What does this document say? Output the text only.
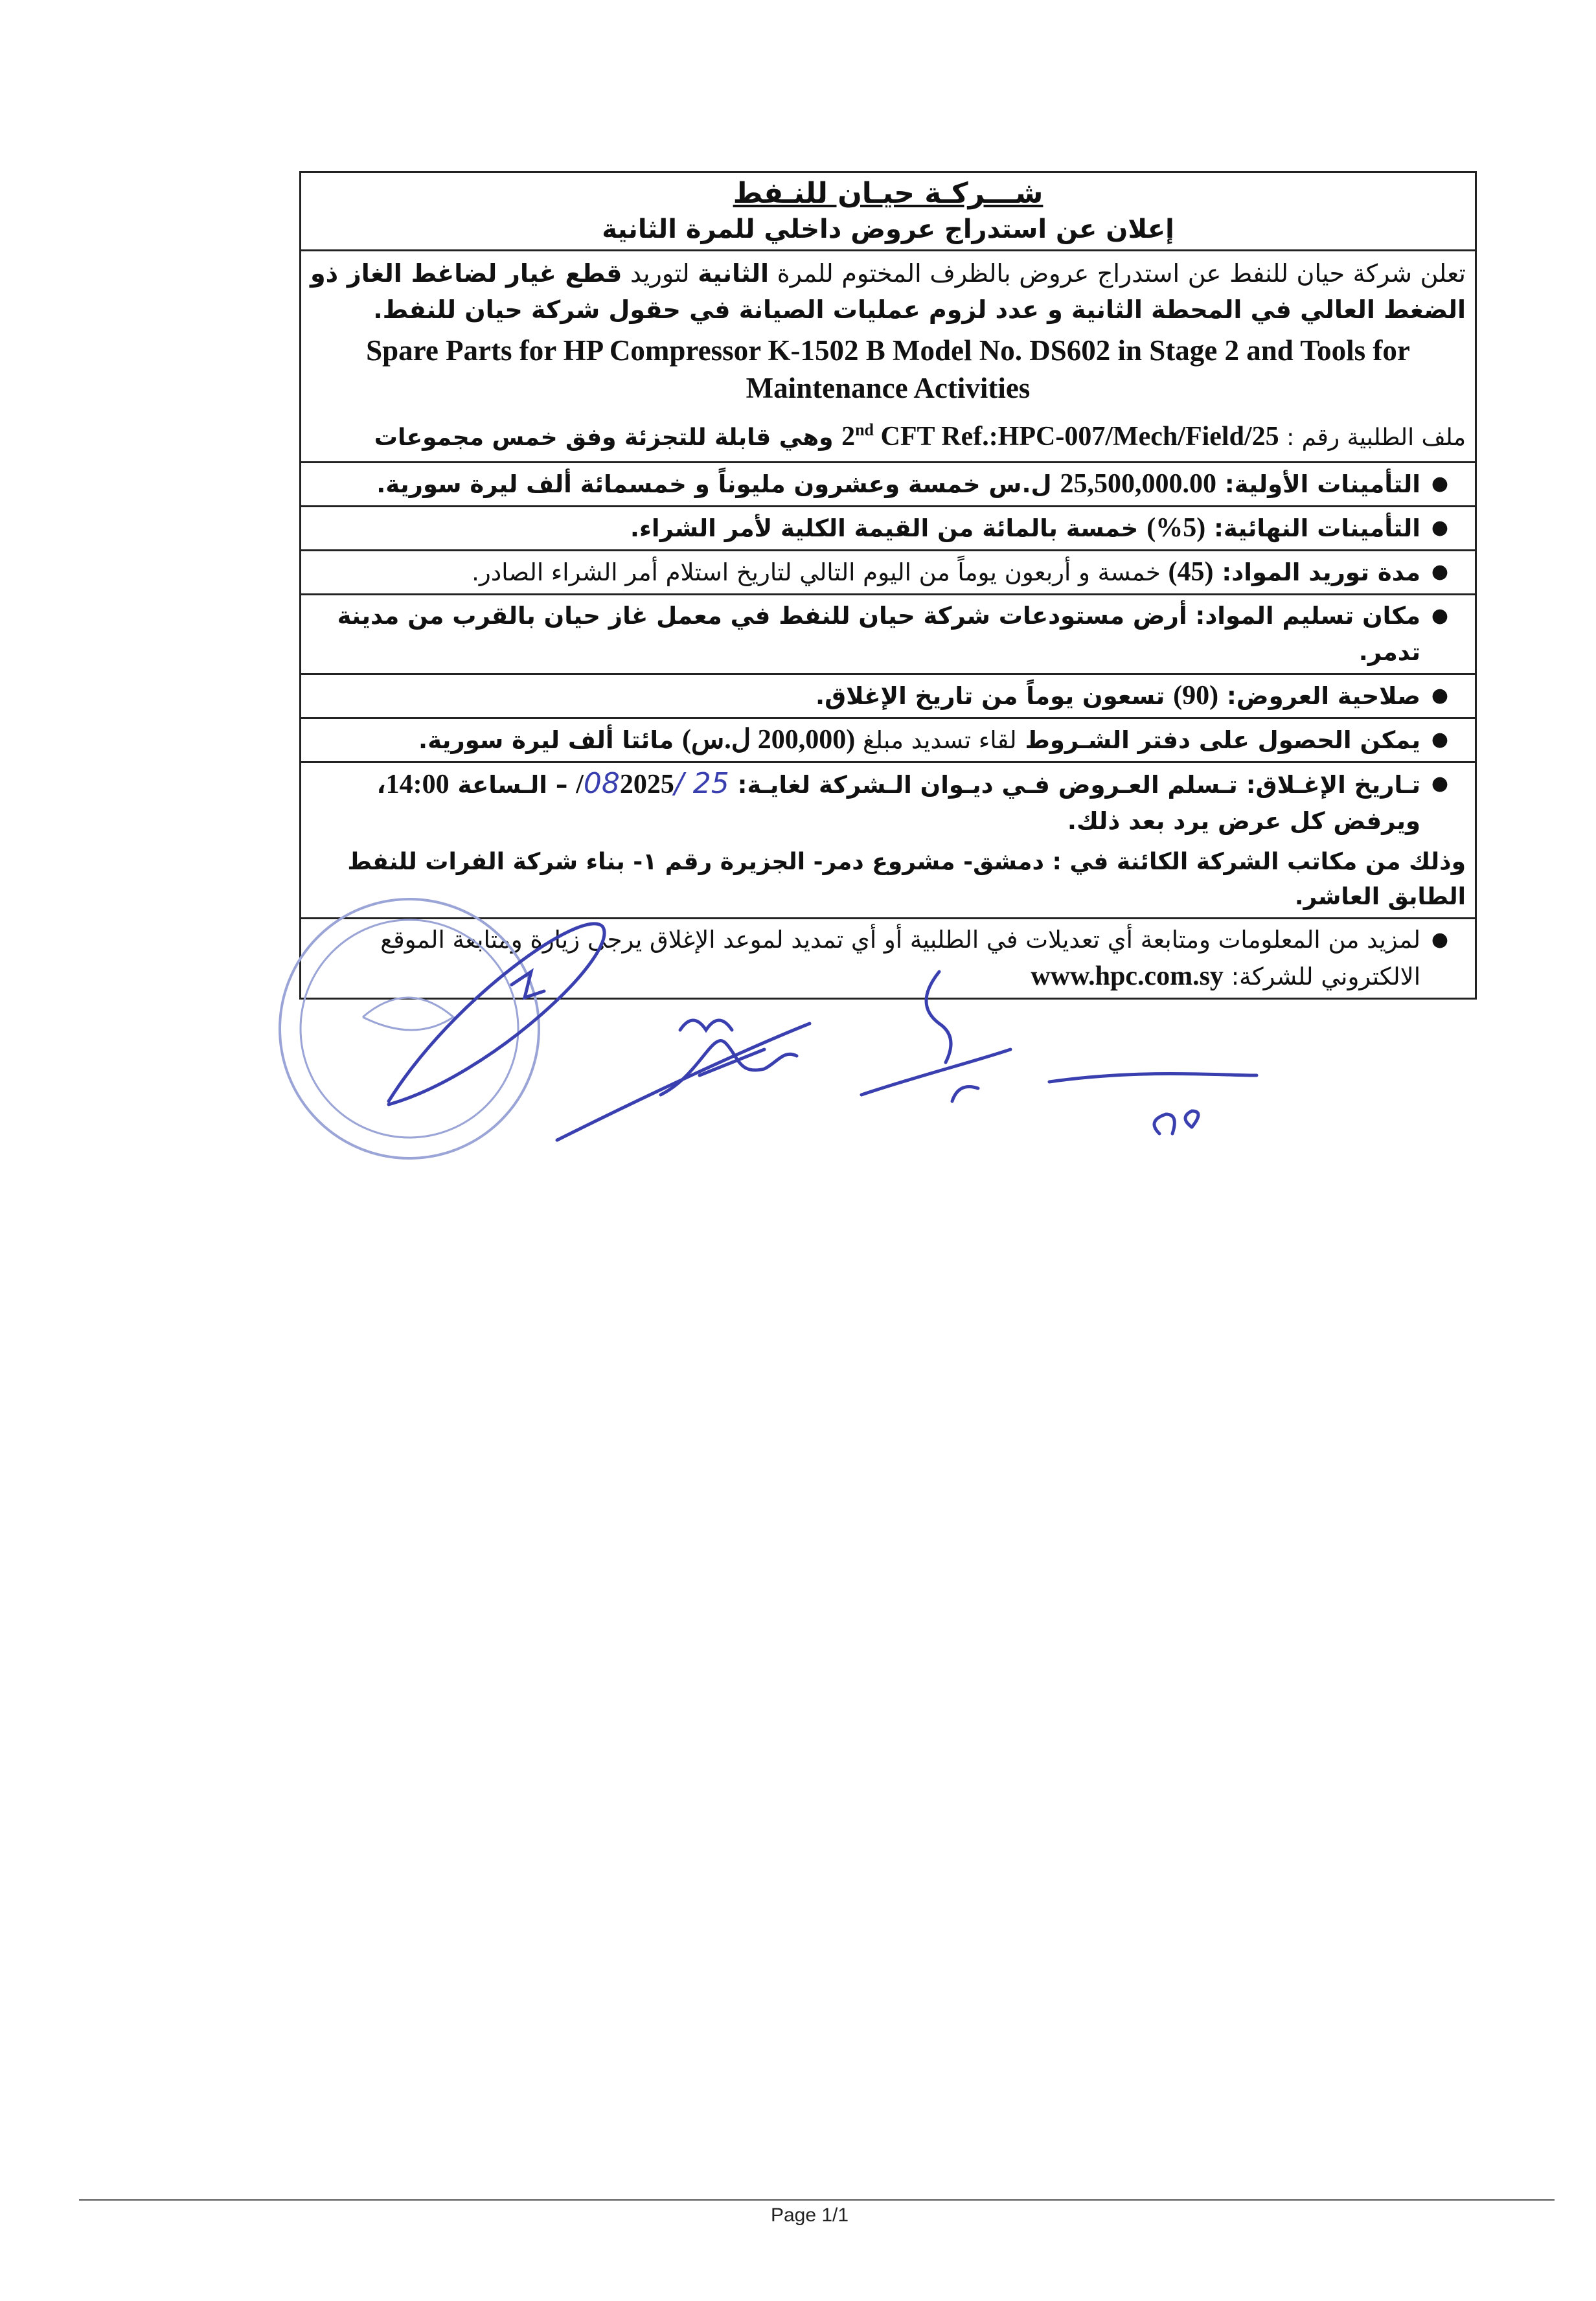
شـــركـة حيـان للنـفط
إعلان عن استدراج عروض داخلي للمرة الثانية
تعلن شركة حيان للنفط عن استدراج عروض بالظرف المختوم للمرة الثانية لتوريد قطع غيار لضاغط الغاز ذو الضغط العالي في المحطة الثانية و عدد لزوم عمليات الصيانة في حقول شركة حيان للنفط.
Spare Parts for HP Compressor K-1502 B Model No. DS602 in Stage 2 and Tools for Maintenance Activities
ملف الطلبية رقم : 2nd CFT Ref.:HPC-007/Mech/Field/25 وهي قابلة للتجزئة وفق خمس مجموعات
●
التأمينات الأولية: 25,500,000.00 ل.س خمسة وعشرون مليوناً و خمسمائة ألف ليرة سورية.
●
التأمينات النهائية: (5%) خمسة بالمائة من القيمة الكلية لأمر الشراء.
●
مدة توريد المواد: (45) خمسة و أربعون يوماً من اليوم التالي لتاريخ استلام أمر الشراء الصادر.
●
مكان تسليم المواد: أرض مستودعات شركة حيان للنفط في معمل غاز حيان بالقرب من مدينة تدمر.
●
صلاحية العروض: (90) تسعون يوماً من تاريخ الإغلاق.
●
يمكن الحصول على دفتر الشـروط لقاء تسديد مبلغ (200,000 ل.س) مائتا ألف ليرة سورية.
●
تـاريخ الإغـلاق: تـسلم العـروض فـي ديـوان الـشركة لغايـة: 25 /082025/ – الـساعة 14:00، ويرفض كل عرض يرد بعد ذلك.
وذلك من مكاتب الشركة الكائنة في : دمشق- مشروع دمر- الجزيرة رقم ١- بناء شركة الفرات للنفط الطابق العاشر.
●
لمزيد من المعلومات ومتابعة أي تعديلات في الطلبية أو أي تمديد لموعد الإغلاق يرجى زيارة ومتابعة الموقع الالكتروني للشركة: www.hpc.com.sy
Page 1/1
